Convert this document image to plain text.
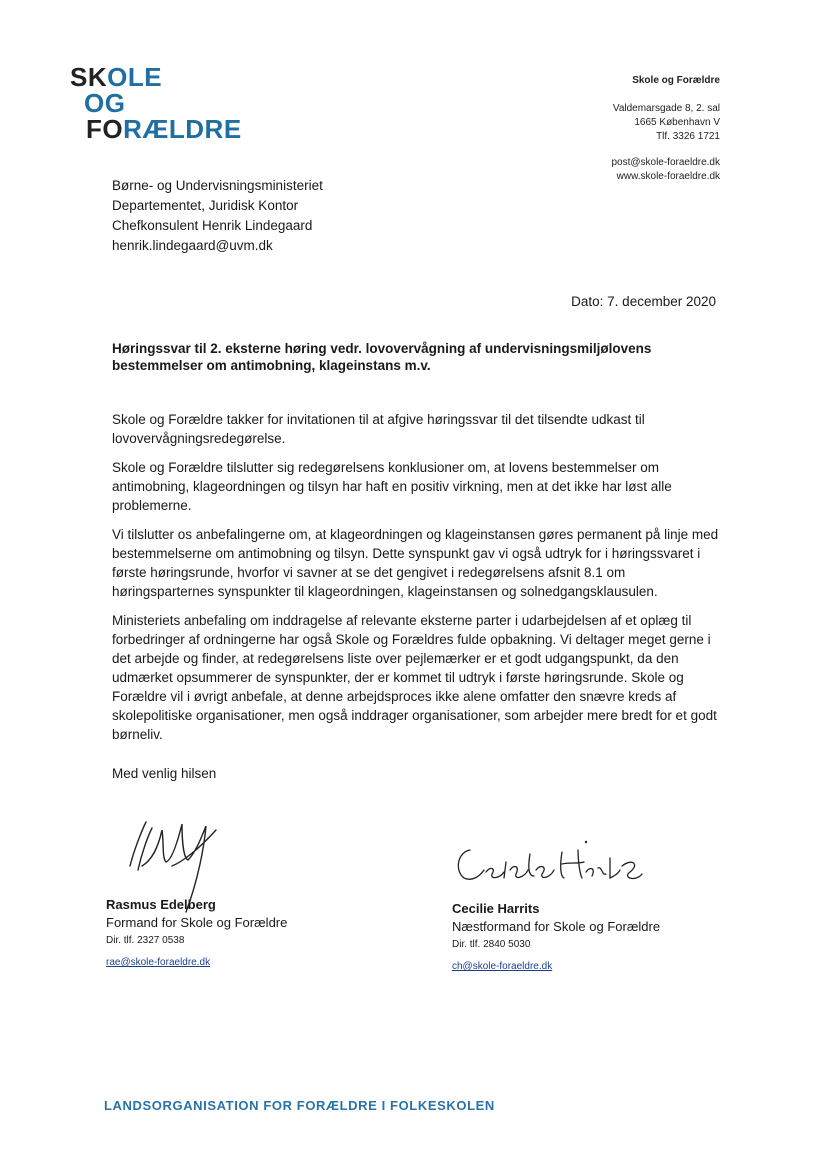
SKOLE
OG
FORÆLDRE
Skole og Forældre
Valdemarsgade 8, 2. sal
1665 København V
Tlf. 3326 1721
post@skole-foraeldre.dk
www.skole-foraeldre.dk
Børne- og Undervisningsministeriet
Departementet, Juridisk Kontor
Chefkonsulent Henrik Lindegaard
henrik.lindegaard@uvm.dk
Dato: 7. december 2020
Høringssvar til 2. eksterne høring vedr. lovovervågning af undervisningsmiljølovens bestemmelser om antimobning, klageinstans m.v.

Skole og Forældre takker for invitationen til at afgive høringssvar til det tilsendte udkast til lovovervågningsredegørelse.

Skole og Forældre tilslutter sig redegørelsens konklusioner om, at lovens bestemmelser om antimobning, klageordningen og tilsyn har haft en positiv virkning, men at det ikke har løst alle problemerne.

Vi tilslutter os anbefalingerne om, at klageordningen og klageinstansen gøres permanent på linje med bestemmelserne om antimobning og tilsyn. Dette synspunkt gav vi også udtryk for i høringssvaret i første høringsrunde, hvorfor vi savner at se det gengivet i redegørelsens afsnit 8.1 om høringsparternes synspunkter til klageordningen, klageinstansen og solnedgangsklausulen.

Ministeriets anbefaling om inddragelse af relevante eksterne parter i udarbejdelsen af et oplæg til forbedringer af ordningerne har også Skole og Forældres fulde opbakning. Vi deltager meget gerne i det arbejde og finder, at redegørelsens liste over pejlemærker er et godt udgangspunkt, da den udmærket opsummerer de synspunkter, der er kommet til udtryk i første høringsrunde. Skole og Forældre vil i øvrigt anbefale, at denne arbejdsproces ikke alene omfatter den snævre kreds af skolepolitiske organisationer, men også inddrager organisationer, som arbejder mere bredt for et godt børneliv.

Med venlig hilsen
Rasmus Edelberg
Formand for Skole og Forældre
Dir. tlf. 2327 0538
rae@skole-foraeldre.dk
Cecilie Harrits
Næstformand for Skole og Forældre
Dir. tlf. 2840 5030
ch@skole-foraeldre.dk
LANDSORGANISATION FOR FORÆLDRE I FOLKESKOLEN
